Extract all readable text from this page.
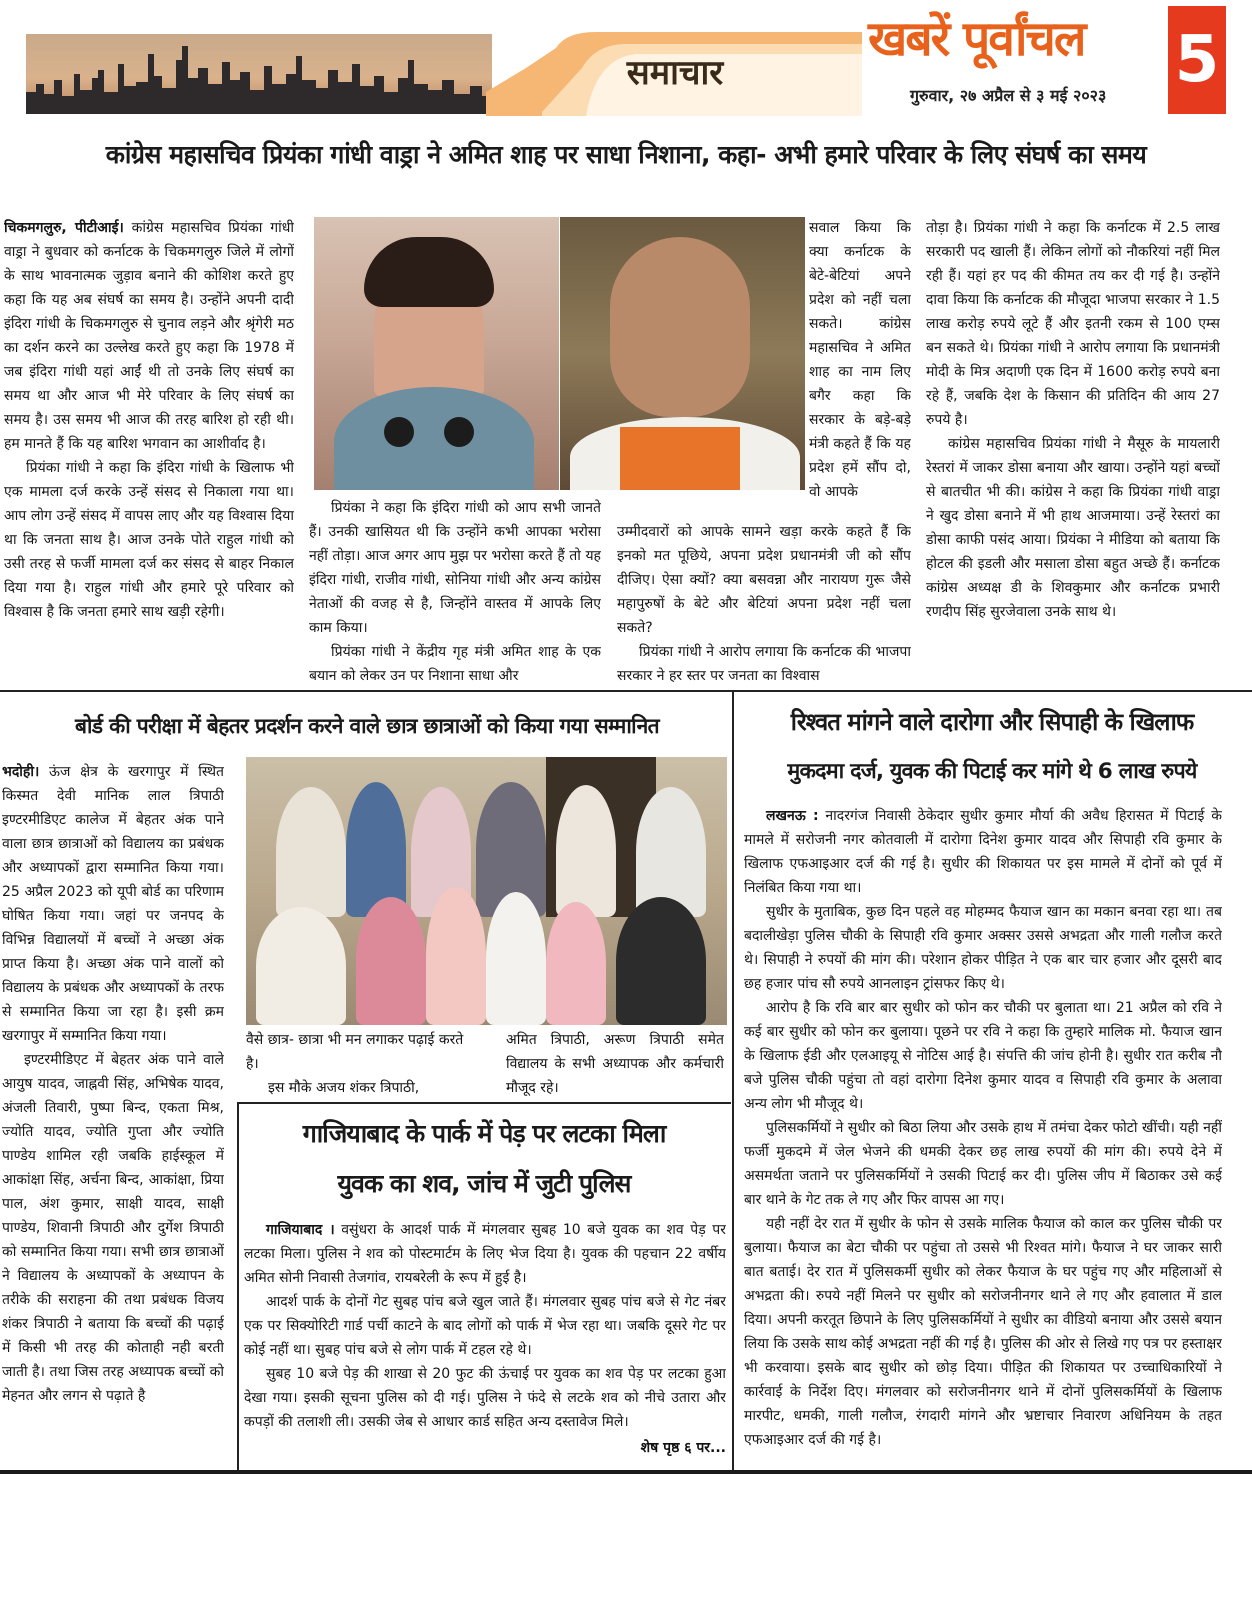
समाचार
खबरें पूर्वांचल
गुरुवार, २७ अप्रैल से ३ मई २०२३	5
कांग्रेस महासचिव प्रियंका गांधी वाड्रा ने अमित शाह पर साधा निशाना, कहा- अभी हमारे परिवार के लिए संघर्ष का समय

चिकमगलुरु, पीटीआई। कांग्रेस महासचिव प्रियंका गांधी वाड्रा ने बुधवार को कर्नाटक के चिकमगलुरु जिले में लोगों के साथ भावनात्मक जुड़ाव बनाने की कोशिश करते हुए कहा कि यह अब संघर्ष का समय है। उन्होंने अपनी दादी इंदिरा गांधी के चिकमगलुरु से चुनाव लड़ने और श्रृंगेरी मठ का दर्शन करने का उल्लेख करते हुए कहा कि 1978 में जब इंदिरा गांधी यहां आईं थी तो उनके लिए संघर्ष का समय था और आज भी मेरे परिवार के लिए संघर्ष का समय है। उस समय भी आज की तरह बारिश हो रही थी। हम मानते हैं कि यह बारिश भगवान का आशीर्वाद है।

प्रियंका गांधी ने कहा कि इंदिरा गांधी के खिलाफ भी एक मामला दर्ज करके उन्हें संसद से निकाला गया था। आप लोग उन्हें संसद में वापस लाए और यह विश्वास दिया था कि जनता साथ है। आज उनके पोते राहुल गांधी को उसी तरह से फर्जी मामला दर्ज कर संसद से बाहर निकाल दिया गया है। राहुल गांधी और हमारे पूरे परिवार को विश्वास है कि जनता हमारे साथ खड़ी रहेगी।

प्रियंका ने कहा कि इंदिरा गांधी को आप सभी जानते हैं। उनकी खासियत थी कि उन्होंने कभी आपका भरोसा नहीं तोड़ा। आज अगर आप मुझ पर भरोसा करते हैं तो यह इंदिरा गांधी, राजीव गांधी, सोनिया गांधी और अन्य कांग्रेस नेताओं की वजह से है, जिन्होंने वास्तव में आपके लिए काम किया।

प्रियंका गांधी ने केंद्रीय गृह मंत्री अमित शाह के एक बयान को लेकर उन पर निशाना साधा और

सवाल किया कि क्या कर्नाटक के बेटे-बेटियां अपने प्रदेश को नहीं चला सकते। कांग्रेस महासचिव ने अमित शाह का नाम लिए बगैर कहा कि सरकार के बड़े-बड़े मंत्री कहते हैं कि यह प्रदेश हमें सौंप दो, वो आपके

उम्मीदवारों को आपके सामने खड़ा करके कहते हैं कि इनको मत पूछिये, अपना प्रदेश प्रधानमंत्री जी को सौंप दीजिए। ऐसा क्यों? क्या बसवन्ना और नारायण गुरू जैसे महापुरुषों के बेटे और बेटियां अपना प्रदेश नहीं चला सकते?

प्रियंका गांधी ने आरोप लगाया कि कर्नाटक की भाजपा सरकार ने हर स्तर पर जनता का विश्वास

तोड़ा है। प्रियंका गांधी ने कहा कि कर्नाटक में 2.5 लाख सरकारी पद खाली हैं। लेकिन लोगों को नौकरियां नहीं मिल रही हैं। यहां हर पद की कीमत तय कर दी गई है। उन्होंने दावा किया कि कर्नाटक की मौजूदा भाजपा सरकार ने 1.5 लाख करोड़ रुपये लूटे हैं और इतनी रकम से 100 एम्स बन सकते थे। प्रियंका गांधी ने आरोप लगाया कि प्रधानमंत्री मोदी के मित्र अदाणी एक दिन में 1600 करोड़ रुपये बना रहे हैं, जबकि देश के किसान की प्रतिदिन की आय 27 रुपये है।

कांग्रेस महासचिव प्रियंका गांधी ने मैसूरु के मायलारी रेस्तरां में जाकर डोसा बनाया और खाया। उन्होंने यहां बच्चों से बातचीत भी की। कांग्रेस ने कहा कि प्रियंका गांधी वाड्रा ने खुद डोसा बनाने में भी हाथ आजमाया। उन्हें रेस्तरां का डोसा काफी पसंद आया। प्रियंका ने मीडिया को बताया कि होटल की इडली और मसाला डोसा बहुत अच्छे हैं। कर्नाटक कांग्रेस अध्यक्ष डी के शिवकुमार और कर्नाटक प्रभारी रणदीप सिंह सुरजेवाला उनके साथ थे।

बोर्ड की परीक्षा में बेहतर प्रदर्शन करने वाले छात्र छात्राओं को किया गया सम्मानित

भदोही। ऊंज क्षेत्र के खरगापुर में स्थित किस्मत देवी मानिक लाल त्रिपाठी इण्टरमीडिएट कालेज में बेहतर अंक पाने वाला छात्र छात्राओं को विद्यालय का प्रबंधक और अध्यापकों द्वारा सम्मानित किया गया। 25 अप्रैल 2023 को यूपी बोर्ड का परिणाम घोषित किया गया। जहां पर जनपद के विभिन्न विद्यालयों में बच्चों ने अच्छा अंक प्राप्त किया है। अच्छा अंक पाने वालों को विद्यालय के प्रबंधक और अध्यापकों के तरफ से सम्मानित किया जा रहा है। इसी क्रम खरगापुर में सम्मानित किया गया।

इण्टरमीडिएट में बेहतर अंक पाने वाले आयुष यादव, जाह्नवी सिंह, अभिषेक यादव, अंजली तिवारी, पुष्पा बिन्द, एकता मिश्र, ज्योति यादव, ज्योति गुप्ता और ज्योति पाण्डेय शामिल रही जबकि हाईस्कूल में आकांक्षा सिंह, अर्चना बिन्द, आकांक्षा, प्रिया पाल, अंश कुमार, साक्षी यादव, साक्षी पाण्डेय, शिवानी त्रिपाठी और दुर्गेश त्रिपाठी को सम्मानित किया गया। सभी छात्र छात्राओं ने विद्यालय के अध्यापकों के अध्यापन के तरीके की सराहना की तथा प्रबंधक विजय शंकर त्रिपाठी ने बताया कि बच्चों की पढ़ाई में किसी भी तरह की कोताही नही बरती जाती है। तथा जिस तरह अध्यापक बच्चों को मेहनत और लगन से पढ़ाते है

वैसे छात्र- छात्रा भी मन लगाकर पढ़ाई करते है।

इस मौके अजय शंकर त्रिपाठी,

अमित त्रिपाठी, अरूण त्रिपाठी समेत विद्यालय के सभी अध्यापक और कर्मचारी मौजूद रहे।

गाजियाबाद के पार्क में पेड़ पर लटका मिला
युवक का शव, जांच में जुटी पुलिस

गाजियाबाद । वसुंधरा के आदर्श पार्क में मंगलवार सुबह 10 बजे युवक का शव पेड़ पर लटका मिला। पुलिस ने शव को पोस्टमार्टम के लिए भेज दिया है। युवक की पहचान 22 वर्षीय अमित सोनी निवासी तेजगांव, रायबरेली के रूप में हुई है।

आदर्श पार्क के दोनों गेट सुबह पांच बजे खुल जाते हैं। मंगलवार सुबह पांच बजे से गेट नंबर एक पर सिक्योरिटी गार्ड पर्ची काटने के बाद लोगों को पार्क में भेज रहा था। जबकि दूसरे गेट पर कोई नहीं था। सुबह पांच बजे से लोग पार्क में टहल रहे थे।

सुबह 10 बजे पेड़ की शाखा से 20 फुट की ऊंचाई पर युवक का शव पेड़ पर लटका हुआ देखा गया। इसकी सूचना पुलिस को दी गई। पुलिस ने फंदे से लटके शव को नीचे उतारा और कपड़ों की तलाशी ली। उसकी जेब से आधार कार्ड सहित अन्य दस्तावेज मिले।

शेष पृष्ठ ६ पर...
रिश्वत मांगने वाले दारोगा और सिपाही के खिलाफ
मुकदमा दर्ज, युवक की पिटाई कर मांगे थे 6 लाख रुपये

लखनऊ : नादरगंज निवासी ठेकेदार सुधीर कुमार मौर्या की अवैध हिरासत में पिटाई के मामले में सरोजनी नगर कोतवाली में दारोगा दिनेश कुमार यादव और सिपाही रवि कुमार के खिलाफ एफआइआर दर्ज की गई है। सुधीर की शिकायत पर इस मामले में दोनों को पूर्व में निलंबित किया गया था।

सुधीर के मुताबिक, कुछ दिन पहले वह मोहम्मद फैयाज खान का मकान बनवा रहा था। तब बदालीखेड़ा पुलिस चौकी के सिपाही रवि कुमार अक्सर उससे अभद्रता और गाली गलौज करते थे। सिपाही ने रुपयों की मांग की। परेशान होकर पीड़ित ने एक बार चार हजार और दूसरी बाद छह हजार पांच सौ रुपये आनलाइन ट्रांसफर किए थे।

आरोप है कि रवि बार बार सुधीर को फोन कर चौकी पर बुलाता था। 21 अप्रैल को रवि ने कई बार सुधीर को फोन कर बुलाया। पूछने पर रवि ने कहा कि तुम्हारे मालिक मो. फैयाज खान के खिलाफ ईडी और एलआइयू से नोटिस आई है। संपत्ति की जांच होनी है। सुधीर रात करीब नौ बजे पुलिस चौकी पहुंचा तो वहां दारोगा दिनेश कुमार यादव व सिपाही रवि कुमार के अलावा अन्य लोग भी मौजूद थे।

पुलिसकर्मियों ने सुधीर को बिठा लिया और उसके हाथ में तमंचा देकर फोटो खींची। यही नहीं फर्जी मुकदमे में जेल भेजने की धमकी देकर छह लाख रुपयों की मांग की। रुपये देने में असमर्थता जताने पर पुलिसकर्मियों ने उसकी पिटाई कर दी। पुलिस जीप में बिठाकर उसे कई बार थाने के गेट तक ले गए और फिर वापस आ गए।

यही नहीं देर रात में सुधीर के फोन से उसके मालिक फैयाज को काल कर पुलिस चौकी पर बुलाया। फैयाज का बेटा चौकी पर पहुंचा तो उससे भी रिश्वत मांगे। फैयाज ने घर जाकर सारी बात बताई। देर रात में पुलिसकर्मी सुधीर को लेकर फैयाज के घर पहुंच गए और महिलाओं से अभद्रता की। रुपये नहीं मिलने पर सुधीर को सरोजनीनगर थाने ले गए और हवालात में डाल दिया। अपनी करतूत छिपाने के लिए पुलिसकर्मियों ने सुधीर का वीडियो बनाया और उससे बयान लिया कि उसके साथ कोई अभद्रता नहीं की गई है। पुलिस की ओर से लिखे गए पत्र पर हस्ताक्षर भी करवाया। इसके बाद सुधीर को छोड़ दिया। पीड़ित की शिकायत पर उच्चाधिकारियों ने कार्रवाई के निर्देश दिए। मंगलवार को सरोजनीनगर थाने में दोनों पुलिसकर्मियों के खिलाफ मारपीट, धमकी, गाली गलौज, रंगदारी मांगने और भ्रष्टाचार निवारण अधिनियम के तहत एफआइआर दर्ज की गई है।
